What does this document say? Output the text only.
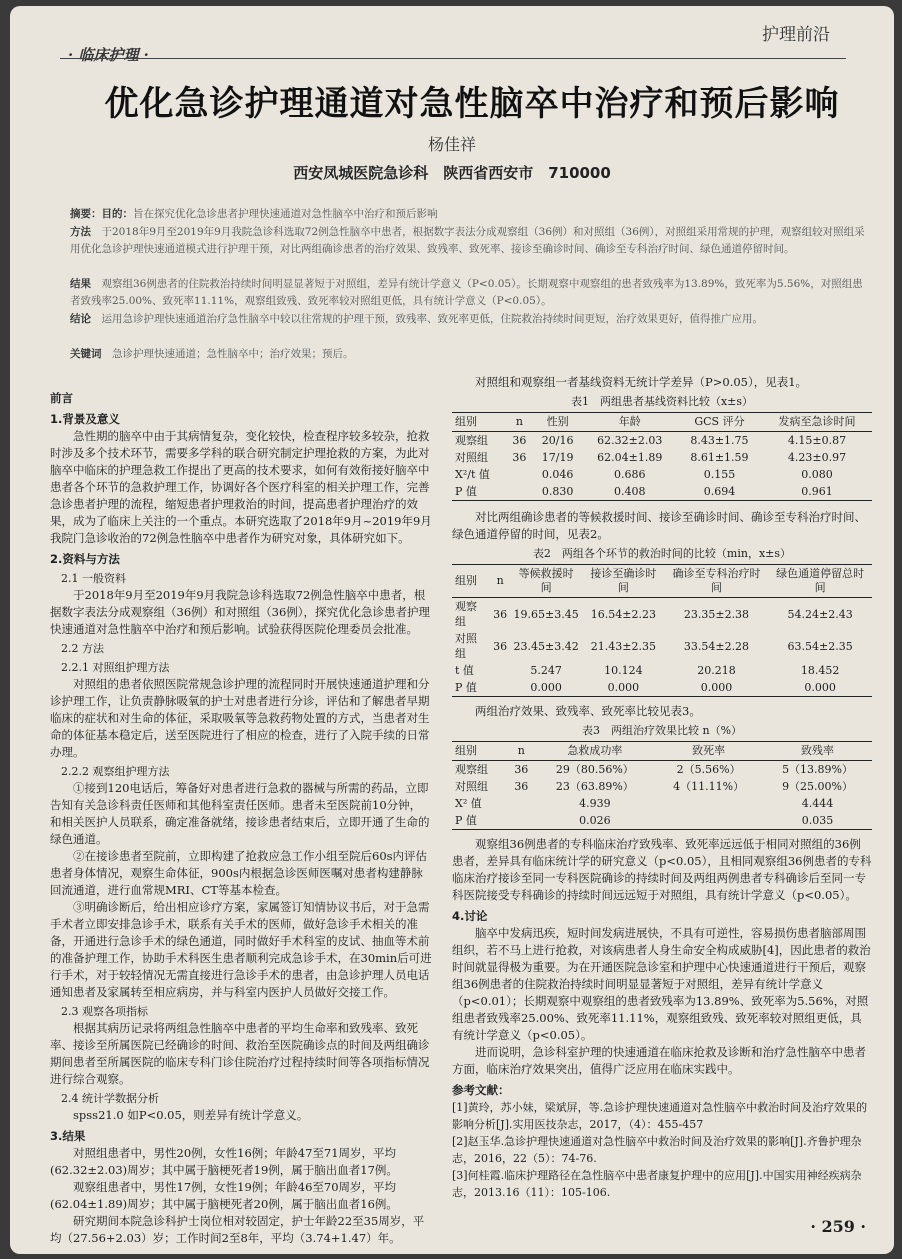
护理前沿
· 临床护理 ·
优化急诊护理通道对急性脑卒中治疗和预后影响
杨佳祥
西安凤城医院急诊科　陕西省西安市　710000

摘要：目的：旨在探究优化急诊患者护理快速通道对急性脑卒中治疗和预后影响

方法　 于2018年9月至2019年9月我院急诊科选取72例急性脑卒中患者，根据数字表法分成观察组（36例）和对照组（36例），对照组采用常规的护理，观察组较对照组采用优化急诊护理快速通道模式进行护理干预，对比两组确诊患者的治疗效果、致残率、致死率、接诊至确诊时间、确诊至专科治疗时间、绿色通道停留时间。

结果　 观察组36例患者的住院救治持续时间明显显著短于对照组，差异有统计学意义（P<0.05）。长期观察中观察组的患者致残率为13.89%，致死率为5.56%，对照组患者致残率25.00%、致死率11.11%，观察组致残、致死率较对照组更低，具有统计学意义（P<0.05）。

结论　 运用急诊护理快速通道治疗急性脑卒中较以往常规的护理干预，致残率、致死率更低，住院救治持续时间更短，治疗效果更好，值得推广应用。

关键词　 急诊护理快速通道；急性脑卒中；治疗效果；预后。

前言
1.背景及意义

急性期的脑卒中由于其病情复杂，变化较快，检查程序较多较杂，抢救时涉及多个技术环节，需要多学科的联合研究制定护理抢救的方案，为此对脑卒中临床的护理急救工作提出了更高的技术要求，如何有效衔接好脑卒中患者各个环节的急救护理工作，协调好各个医疗科室的相关护理工作，完善急诊患者护理的流程，缩短患者护理救治的时间，提高患者护理治疗的效果，成为了临床上关注的一个重点。本研究选取了2018年9月~2019年9月我院门急诊收治的72例急性脑卒中患者作为研究对象，具体研究如下。

2.资料与方法
2.1 一般资料

于2018年9月至2019年9月我院急诊科选取72例急性脑卒中患者，根据数字表法分成观察组（36例）和对照组（36例），探究优化急诊患者护理快速通道对急性脑卒中治疗和预后影响。试验获得医院伦理委员会批准。

2.2 方法
2.2.1 对照组护理方法

对照组的患者依照医院常规急诊护理的流程同时开展快速通道护理和分诊护理工作，让负责静脉吸氧的护士对患者进行分诊，评估和了解患者早期临床的症状和对生命的体征，采取吸氧等急救药物处置的方式，当患者对生命的体征基本稳定后，送至医院进行了相应的检查，进行了入院手续的日常办理。

2.2.2 观察组护理方法

①接到120电话后，筹备好对患者进行急救的器械与所需的药品，立即告知有关急诊科责任医师和其他科室责任医师。患者未至医院前10分钟，和相关医护人员联系，确定准备就绪，接诊患者结束后，立即开通了生命的绿色通道。

②在接诊患者至院前，立即构建了抢救应急工作小组至院后60s内评估患者身体情况，观察生命体征，900s内根据急诊医师医嘱对患者构建静脉回流通道，进行血常规MRI、CT等基本检查。

③明确诊断后，给出相应诊疗方案，家属签订知情协议书后，对于急需手术者立即安排急诊手术，联系有关手术的医师，做好急诊手术相关的准备，开通进行急诊手术的绿色通道，同时做好手术科室的皮试、抽血等术前的准备护理工作，协助手术科医生患者顺利完成急诊手术，在30min后可进行手术，对于较轻情况无需直接进行急诊手术的患者，由急诊护理人员电话通知患者及家属转至相应病房，并与科室内医护人员做好交接工作。

2.3 观察各项指标

根据其病历记录将两组急性脑卒中患者的平均生命率和致残率、致死率、接诊至所属医院已经确诊的时间、救治至医院确诊点的时间及两组确诊期间患者至所属医院的临床专科门诊住院治疗过程持续时间等各项指标情况进行综合观察。

2.4 统计学数据分析

spss21.0 如P<0.05，则差异有统计学意义。

3.结果

对照组患者中，男性20例，女性16例；年龄47至71周岁，平均(62.32±2.03)周岁；其中属于脑梗死者19例，属于脑出血者17例。

观察组患者中，男性17例，女性19例；年龄46至70周岁，平均(62.04±1.89)周岁；其中属于脑梗死者20例，属于脑出血者16例。

研究期间本院急诊科护士岗位相对较固定，护士年龄22至35周岁，平均（27.56+2.03）岁；工作时间2至8年，平均（3.74+1.47）年。

对照组和观察组一者基线资料无统计学差异（P>0.05），见表1。

表1　两组患者基线资料比较（x±s）
组别	n	性别	年龄	GCS 评分	发病至急诊时间
观察组	36	20/16	62.32±2.03	8.43±1.75	4.15±0.87
对照组	36	17/19	62.04±1.89	8.61±1.59	4.23±0.97
X²/t 值		0.046	0.686	0.155	0.080
P 值		0.830	0.408	0.694	0.961

对比两组确诊患者的等候救援时间、接诊至确诊时间、确诊至专科治疗时间、绿色通道停留的时间，见表2。

表2　两组各个环节的救治时间的比较（min，x±s）
组别	n	等候救援时间	接诊至确诊时间	确诊至专科治疗时间	绿色通道停留总时间
观察组	36	19.65±3.45	16.54±2.23	23.35±2.38	54.24±2.43
对照组	36	23.45±3.42	21.43±2.35	33.54±2.28	63.54±2.35
t 值		5.247	10.124	20.218	18.452
P 值		0.000	0.000	0.000	0.000

两组治疗效果、致残率、致死率比较见表3。

表3　两组治疗效果比较 n（%）
组别	n	急救成功率	致死率	致残率
观察组	36	29（80.56%）	2（5.56%）	5（13.89%）
对照组	36	23（63.89%）	4（11.11%）	9（25.00%）
X² 值		4.939		4.444
P 值		0.026		0.035

观察组36例患者的专科临床治疗致残率、致死率远远低于相同对照组的36例患者，差异具有临床统计学的研究意义（p<0.05），且相同观察组36例患者的专科临床治疗接诊至同一专科医院确诊的持续时间及两组两例患者专科确诊后至同一专科医院接受专科确诊的持续时间远远短于对照组，具有统计学意义（p<0.05）。

4.讨论

脑卒中发病迅疾，短时间发病进展快，不具有可逆性，容易损伤患者脑部周围组织，若不马上进行抢救，对该病患者人身生命安全构成威胁[4]，因此患者的救治时间就显得极为重要。为在开通医院急诊室和护理中心快速通道进行干预后，观察组36例患者的住院救治持续时间明显显著短于对照组，差异有统计学意义（p<0.01）；长期观察中观察组的患者致残率为13.89%、致死率为5.56%，对照组患者致残率25.00%、致死率11.11%，观察组致残、致死率较对照组更低，具有统计学意义（p<0.05）。

进而说明，急诊科室护理的快速通道在临床抢救及诊断和治疗急性脑卒中患者方面，临床治疗效果突出，值得广泛应用在临床实践中。

参考文献：

[1]黄玲，苏小妹，梁斌屏，等.急诊护理快速通道对急性脑卒中救治时间及治疗效果的影响分析[J].实用医技杂志，2017，（4）：455-457

[2]赵玉华.急诊护理快速通道对急性脑卒中救治时间及治疗效果的影响[J].齐鲁护理杂志，2016，22（5）：74-76.

[3]何桂霞.临床护理路径在急性脑卒中患者康复护理中的应用[J].中国实用神经疾病杂志，2013.16（11）：105-106.

· 259 ·
